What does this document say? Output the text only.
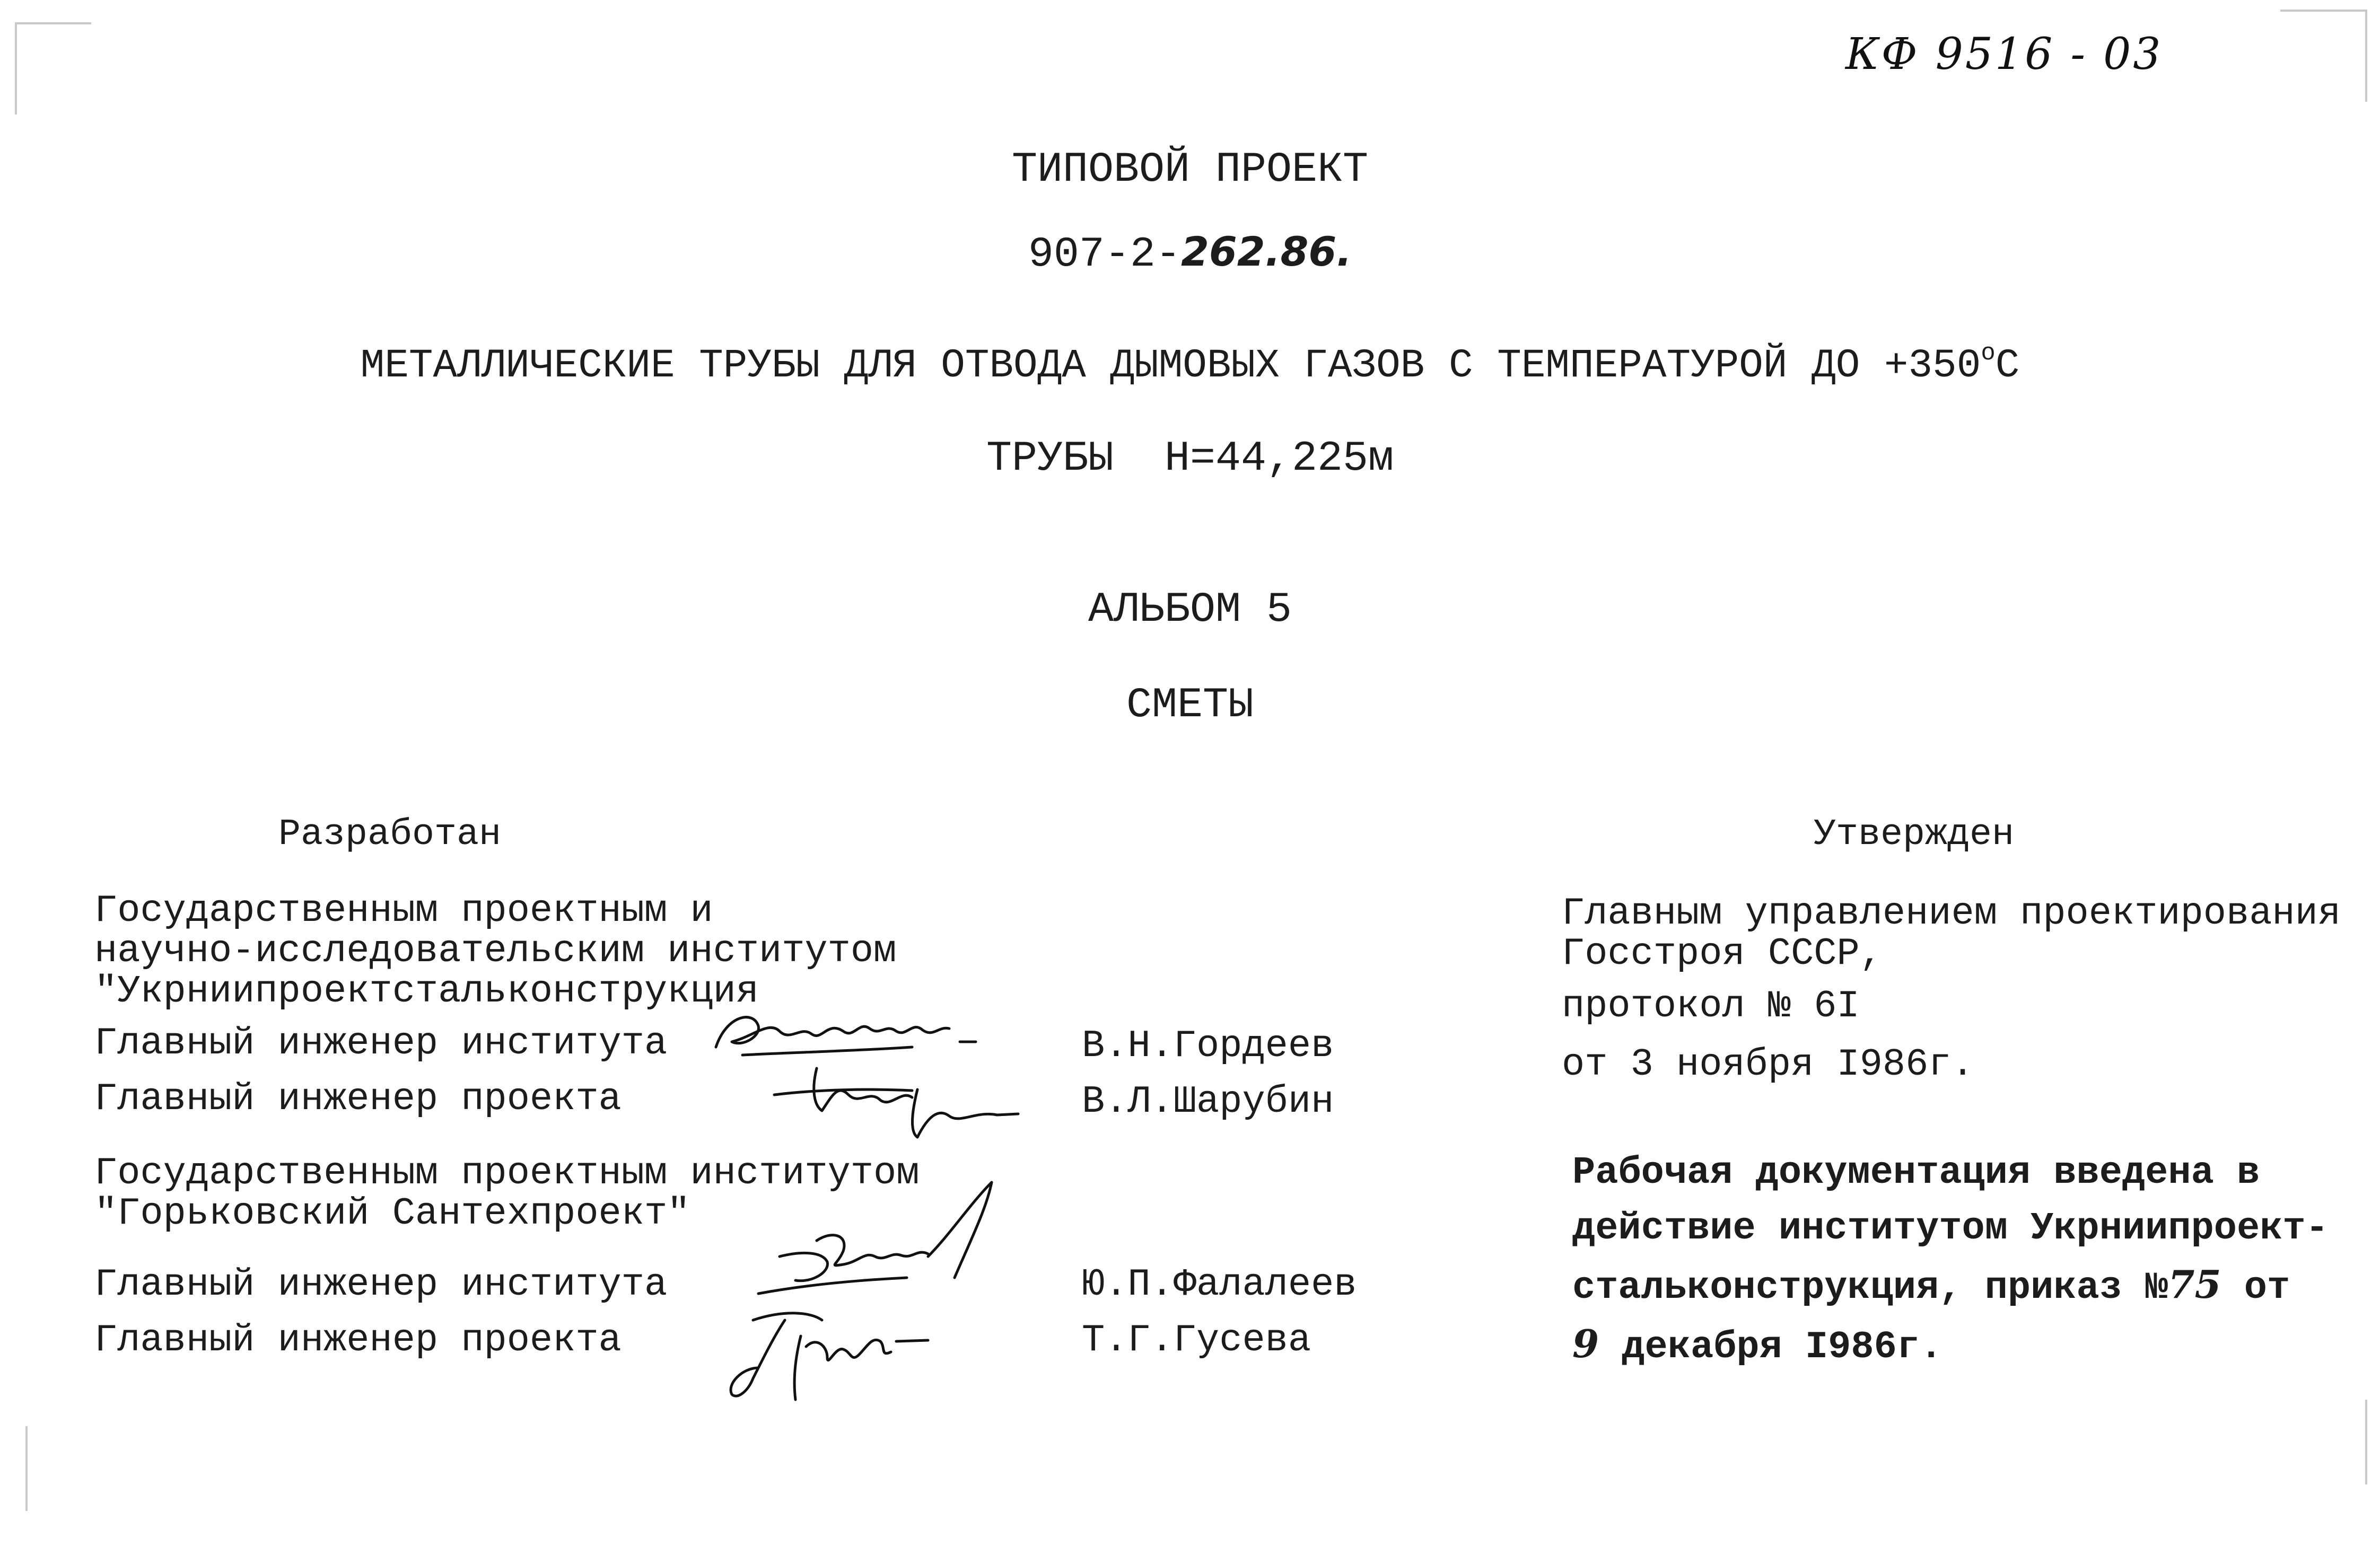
КФ 9516 - 03
ТИПОВОЙ ПРОЕКТ
907-2-262.86.
МЕТАЛЛИЧЕСКИЕ ТРУБЫ ДЛЯ ОТВОДА ДЫМОВЫХ ГАЗОВ С ТЕМПЕРАТУРОЙ ДО $+350^оС$
ТРУБЫ  Н=44,225м
АЛЬБОМ 5
СМЕТЫ
Разработан
Государственным проектным и
научно-исследовательским институтом
"Укрниипроектстальконструкция
Главный инженер института	В.Н.Гордеев
Главный инженер проекта	В.Л.Шарубин
Государственным проектным институтом
"Горьковский Сантехпроект"
Главный инженер института	Ю.П.Фалалеев
Главный инженер проекта	Т.Г.Гусева
Утвержден
Главным управлением проектирования
Госстроя СССР,
протокол № 6I
от 3 ноября I986г.
Рабочая документация введена в
действие институтом Укрниипроект-
стальконструкция, приказ №75 от
9 декабря I986г.
